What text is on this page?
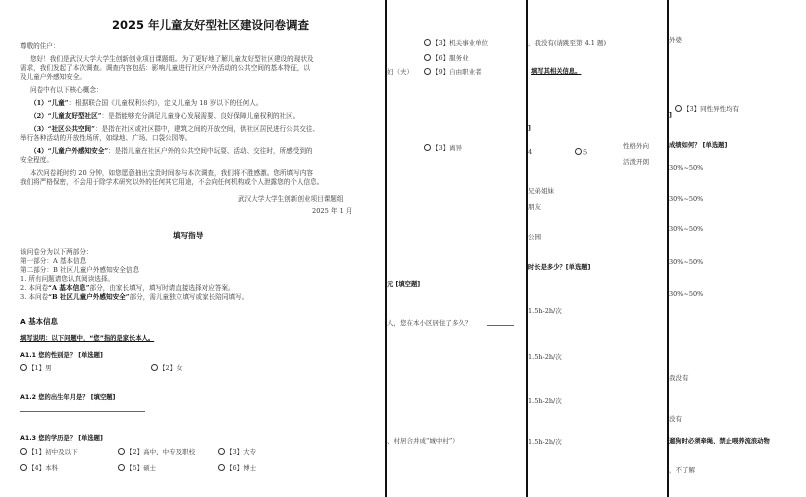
2025 年儿童友好型社区建设问卷调查
尊敬的住户：
您好！我们是武汉大学大学生创新创业项目课题组。为了更好地了解儿童友好型社区建设的现状及
需求，我们发起了本次调查。调查内容包括：影响儿童进行社区户外活动的公共空间的基本特征，以
及儿童户外感知安全。
问卷中有以下核心概念：
（1）“儿童”：根据联合国《儿童权利公约》，定义儿童为 18 岁以下的任何人。
（2）“儿童友好型社区”：是指能够充分满足儿童身心发展需要、良好保障儿童权利的社区。
（3）“社区公共空间”：是指在社区或社区群中，建筑之间的开放空间，供社区居民进行公共交往、
举行各种活动的开放性场所，如绿地、广场、口袋公园等。
（4）“儿童户外感知安全”：是指儿童在社区户外的公共空间中玩耍、活动、交往时，所感受到的
安全程度。
本次问卷耗时约 20 分钟，如您愿意抽出宝贵时间参与本次调查，我们将不胜感激。您所填写内容
我们将严格保密，不会用于除学术研究以外的任何其它用途，不会向任何机构或个人泄露您的个人信息。
武汉大学大学生创新创业项目课题组
2025 年 1 月
填写指导
该问卷分为以下两部分：
第一部分：A 基本信息
第二部分：B 社区儿童户外感知安全信息
1. 所有问题请您认真阅读选择。
2. 本问卷“A 基本信息”部分，由家长填写，填写时请直接选择对应答案。
3. 本问卷“B 社区儿童户外感知安全”部分，需儿童独立填写或家长陪同填写。
A 基本信息
填写说明：以下问题中，“您”指的是家长本人。
A1.1 您的性别是？ [单选题]
【1】男	【2】女
A1.2 您的出生年月是？ [填空题]
A1.3 您的学历是？ [单选题]
【1】初中及以下	【2】高中、中专及职校	【3】大专
【4】本科	【5】硕士	【6】博士
【3】机关事业单位
【6】服务业
【9】自由职业者
妇（夫）
【3】离异
元 [填空题]
人，您在本小区居住了多久？
、村居合并成“城中村”）
，我没有(请跳至第 4.1 题)
填写其相关信息。
]
4	5
性格外向
活泼开朗
兄弟姐妹
朋友
公园
时长是多少？[单选题]
1.5h-2h/次
1.5h-2h/次
1.5h-2h/次
1.5h-2h/次
外婆
【3】同性异性均有
]
成绩如何？ [单选题]
30%~50%
30%~50%
30%~50%
30%~50%
30%~50%
我没有
没有
遛狗时必须牵绳、禁止喂养流浪动物
，不了解
